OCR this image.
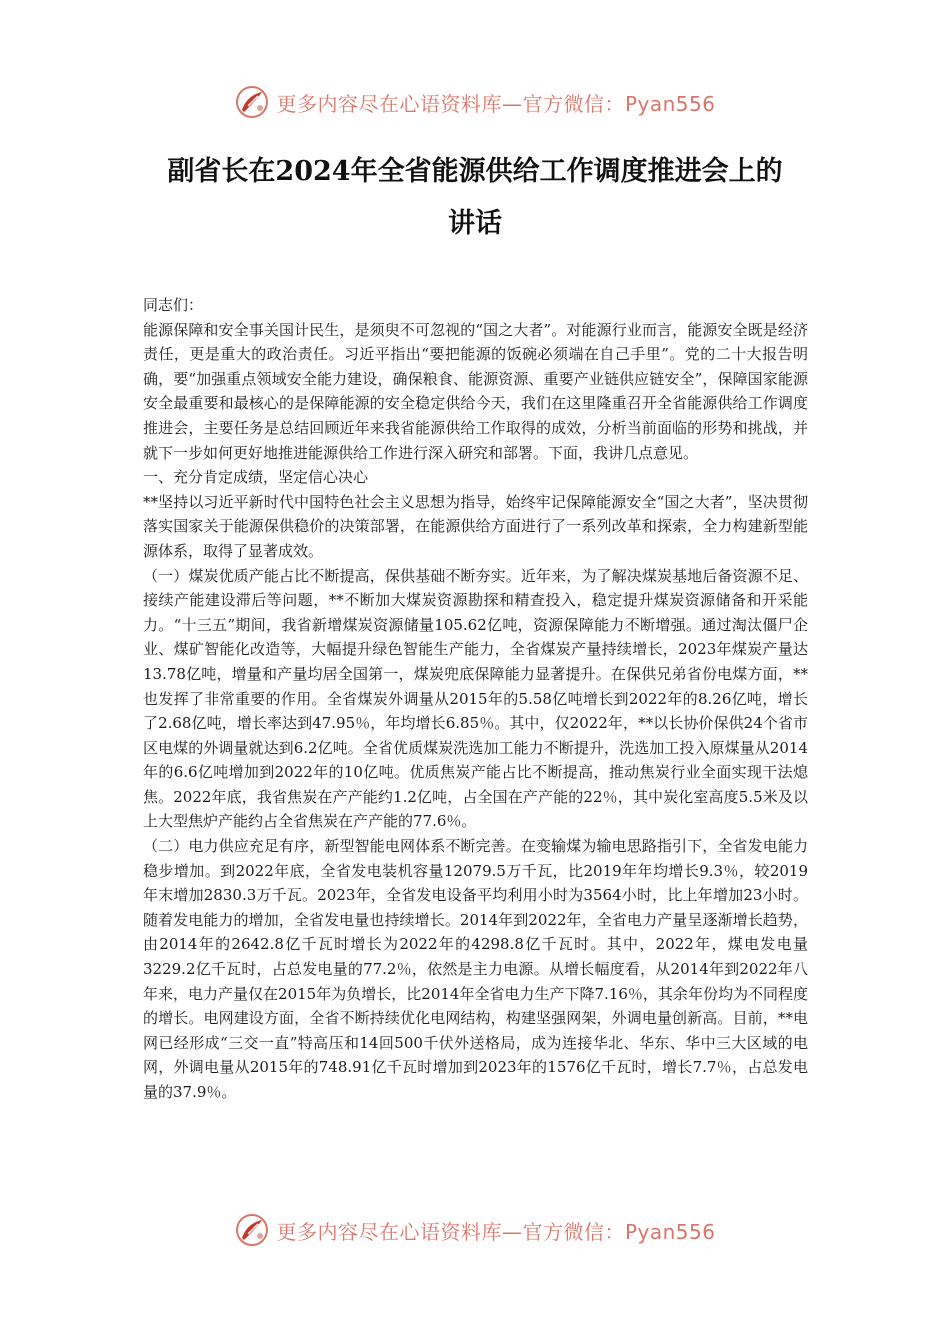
更多内容尽在心语资料库—官方微信：Pyan556
副省长在2024年全省能源供给工作调度推进会上的
讲话

同志们：

能源保障和安全事关国计民生，是须臾不可忽视的“国之大者”。对能源行业而言，能源安全既是经济责任，更是重大的政治责任。习近平指出“要把能源的饭碗必须端在自己手里”。党的二十大报告明确，要“加强重点领域安全能力建设，确保粮食、能源资源、重要产业链供应链安全”，保障国家能源安全最重要和最核心的是保障能源的安全稳定供给今天，我们在这里隆重召开全省能源供给工作调度推进会，主要任务是总结回顾近年来我省能源供给工作取得的成效，分析当前面临的形势和挑战，并就下一步如何更好地推进能源供给工作进行深入研究和部署。下面，我讲几点意见。

一、充分肯定成绩，坚定信心决心

**坚持以习近平新时代中国特色社会主义思想为指导，始终牢记保障能源安全“国之大者”，坚决贯彻落实国家关于能源保供稳价的决策部署，在能源供给方面进行了一系列改革和探索，全力构建新型能源体系，取得了显著成效。

（一）煤炭优质产能占比不断提高，保供基础不断夯实。近年来，为了解决煤炭基地后备资源不足、接续产能建设滞后等问题，**不断加大煤炭资源勘探和精查投入，稳定提升煤炭资源储备和开采能力。“十三五”期间，我省新增煤炭资源储量105.62亿吨，资源保障能力不断增强。通过淘汰僵尸企业、煤矿智能化改造等，大幅提升绿色智能生产能力，全省煤炭产量持续增长，2023年煤炭产量达13.78亿吨，增量和产量均居全国第一，煤炭兜底保障能力显著提升。在保供兄弟省份电煤方面，**也发挥了非常重要的作用。全省煤炭外调量从2015年的5.58亿吨增长到2022年的8.26亿吨，增长了2.68亿吨，增长率达到47.95％，年均增长6.85％。其中，仅2022年，**以长协价保供24个省市区电煤的外调量就达到6.2亿吨。全省优质煤炭洗选加工能力不断提升，洗选加工投入原煤量从2014年的6.6亿吨增加到2022年的10亿吨。优质焦炭产能占比不断提高，推动焦炭行业全面实现干法熄焦。2022年底，我省焦炭在产产能约1.2亿吨，占全国在产产能的22％，其中炭化室高度5.5米及以上大型焦炉产能约占全省焦炭在产产能的77.6％。

（二）电力供应充足有序，新型智能电网体系不断完善。在变输煤为输电思路指引下，全省发电能力稳步增加。到2022年底，全省发电装机容量12079.5万千瓦，比2019年年均增长9.3％，较2019年末增加2830.3万千瓦。2023年，全省发电设备平均利用小时为3564小时，比上年增加23小时。随着发电能力的增加，全省发电量也持续增长。2014年到2022年，全省电力产量呈逐渐增长趋势，由2014年的2642.8亿千瓦时增长为2022年的4298.8亿千瓦时。其中，2022年，煤电发电量3229.2亿千瓦时，占总发电量的77.2％，依然是主力电源。从增长幅度看，从2014年到2022年八年来，电力产量仅在2015年为负增长，比2014年全省电力生产下降7.16％，其余年份均为不同程度的增长。电网建设方面，全省不断持续优化电网结构，构建坚强网架，外调电量创新高。目前，**电网已经形成“三交一直”特高压和14回500千伏外送格局，成为连接华北、华东、华中三大区域的电网，外调电量从2015年的748.91亿千瓦时增加到2023年的1576亿千瓦时，增长7.7％，占总发电量的37.9％。

更多内容尽在心语资料库—官方微信：Pyan556
